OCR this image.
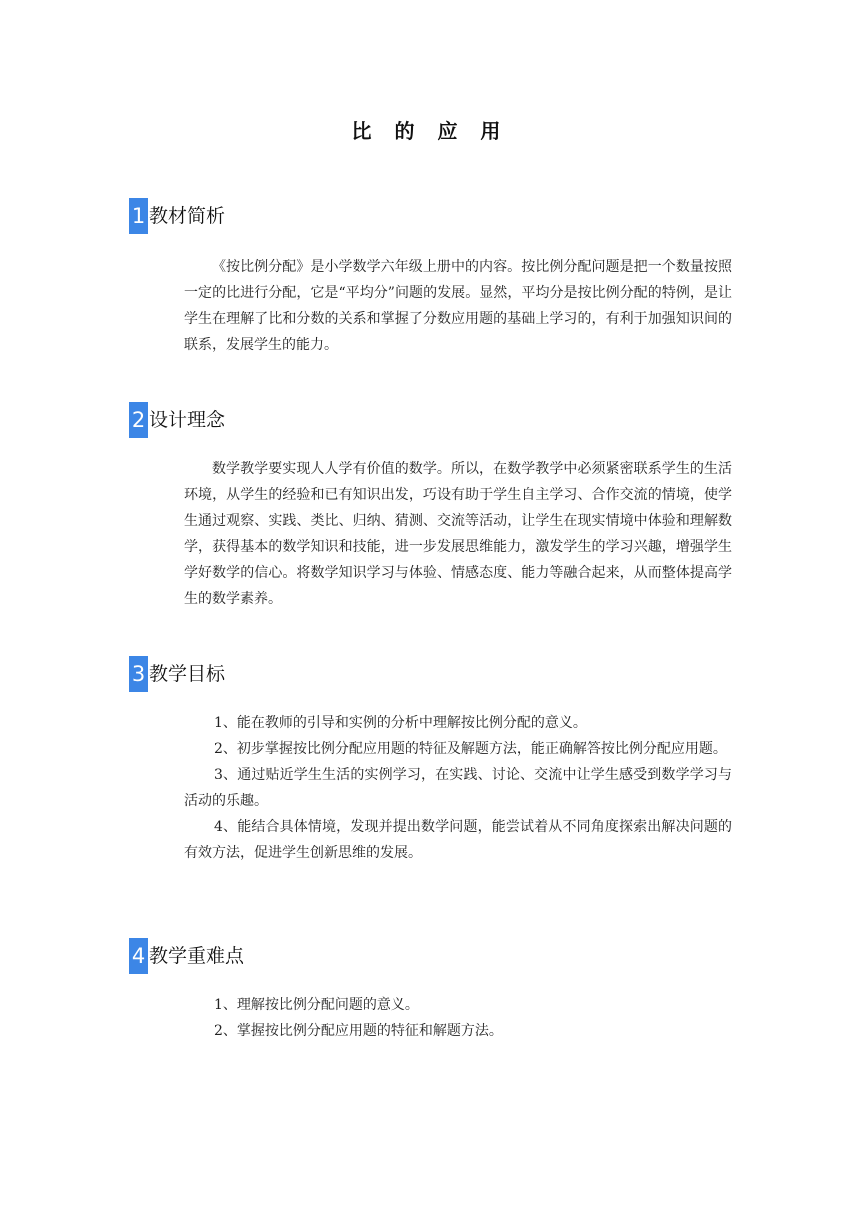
比 的 应 用
1 教材简析

《按比例分配》是小学数学六年级上册中的内容。按比例分配问题是把一个数量按照一定的比进行分配，它是“平均分”问题的发展。显然，平均分是按比例分配的特例，是让学生在理解了比和分数的关系和掌握了分数应用题的基础上学习的，有利于加强知识间的联系，发展学生的能力。

2 设计理念

数学教学要实现人人学有价值的数学。所以，在数学教学中必须紧密联系学生的生活环境，从学生的经验和已有知识出发，巧设有助于学生自主学习、合作交流的情境，使学生通过观察、实践、类比、归纳、猜测、交流等活动，让学生在现实情境中体验和理解数学，获得基本的数学知识和技能，进一步发展思维能力，激发学生的学习兴趣，增强学生学好数学的信心。将数学知识学习与体验、情感态度、能力等融合起来，从而整体提高学生的数学素养。

3 教学目标
1、能在教师的引导和实例的分析中理解按比例分配的意义。
2、初步掌握按比例分配应用题的特征及解题方法，能正确解答按比例分配应用题。
3、通过贴近学生生活的实例学习，在实践、讨论、交流中让学生感受到数学学习与活动的乐趣。
4、能结合具体情境，发现并提出数学问题，能尝试着从不同角度探索出解决问题的有效方法，促进学生创新思维的发展。
4 教学重难点
1、理解按比例分配问题的意义。
2、掌握按比例分配应用题的特征和解题方法。
